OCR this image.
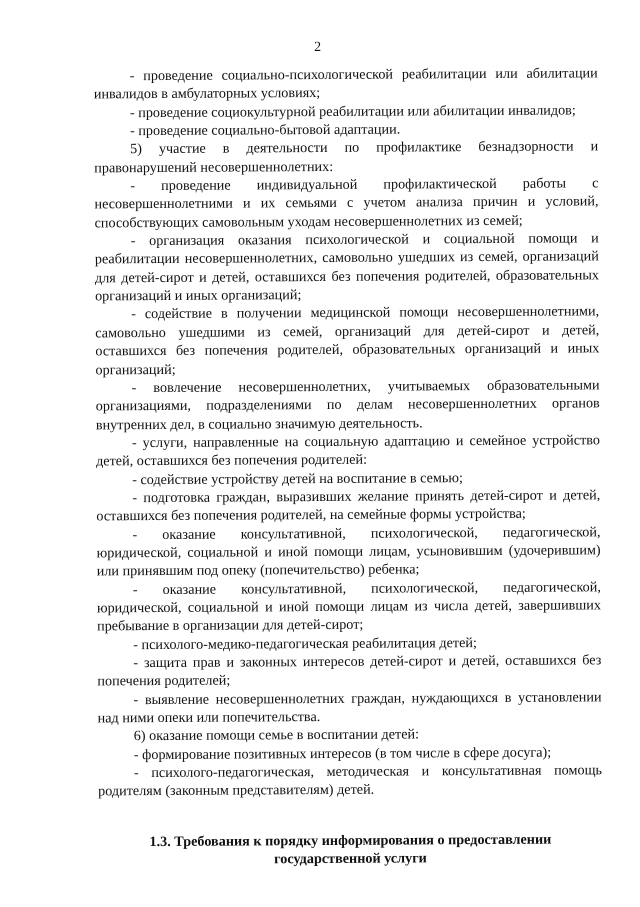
2

- проведение социально-психологической реабилитации или абилитации инвалидов в амбулаторных условиях;

- проведение социокультурной реабилитации или абилитации инвалидов;

- проведение социально-бытовой адаптации.

5) участие в деятельности по профилактике безнадзорности и правонарушений несовершеннолетних:

- проведение индивидуальной профилактической работы с несовершеннолетними и их семьями с учетом анализа причин и условий, способствующих самовольным уходам несовершеннолетних из семей;

- организация оказания психологической и социальной помощи и реабилитации несовершеннолетних, самовольно ушедших из семей, организаций для детей-сирот и детей, оставшихся без попечения родителей, образовательных организаций и иных организаций;

- содействие в получении медицинской помощи несовершеннолетними, самовольно ушедшими из семей, организаций для детей-сирот и детей, оставшихся без попечения родителей, образовательных организаций и иных организаций;

- вовлечение несовершеннолетних, учитываемых образовательными организациями, подразделениями по делам несовершеннолетних органов внутренних дел, в социально значимую деятельность.

- услуги, направленные на социальную адаптацию и семейное устройство детей, оставшихся без попечения родителей:

- содействие устройству детей на воспитание в семью;

- подготовка граждан, выразивших желание принять детей-сирот и детей, оставшихся без попечения родителей, на семейные формы устройства;

- оказание консультативной, психологической, педагогической, юридической, социальной и иной помощи лицам, усыновившим (удочерившим) или принявшим под опеку (попечительство) ребенка;

- оказание консультативной, психологической, педагогической, юридической, социальной и иной помощи лицам из числа детей, завершивших пребывание в организации для детей-сирот;

- психолого-медико-педагогическая реабилитация детей;

- защита прав и законных интересов детей-сирот и детей, оставшихся без попечения родителей;

- выявление несовершеннолетних граждан, нуждающихся в установлении над ними опеки или попечительства.

6) оказание помощи семье в воспитании детей:

- формирование позитивных интересов (в том числе в сфере досуга);

- психолого-педагогическая, методическая и консультативная помощь родителям (законным представителям) детей.

1.3. Требования к порядку информирования о предоставлении
государственной услуги
